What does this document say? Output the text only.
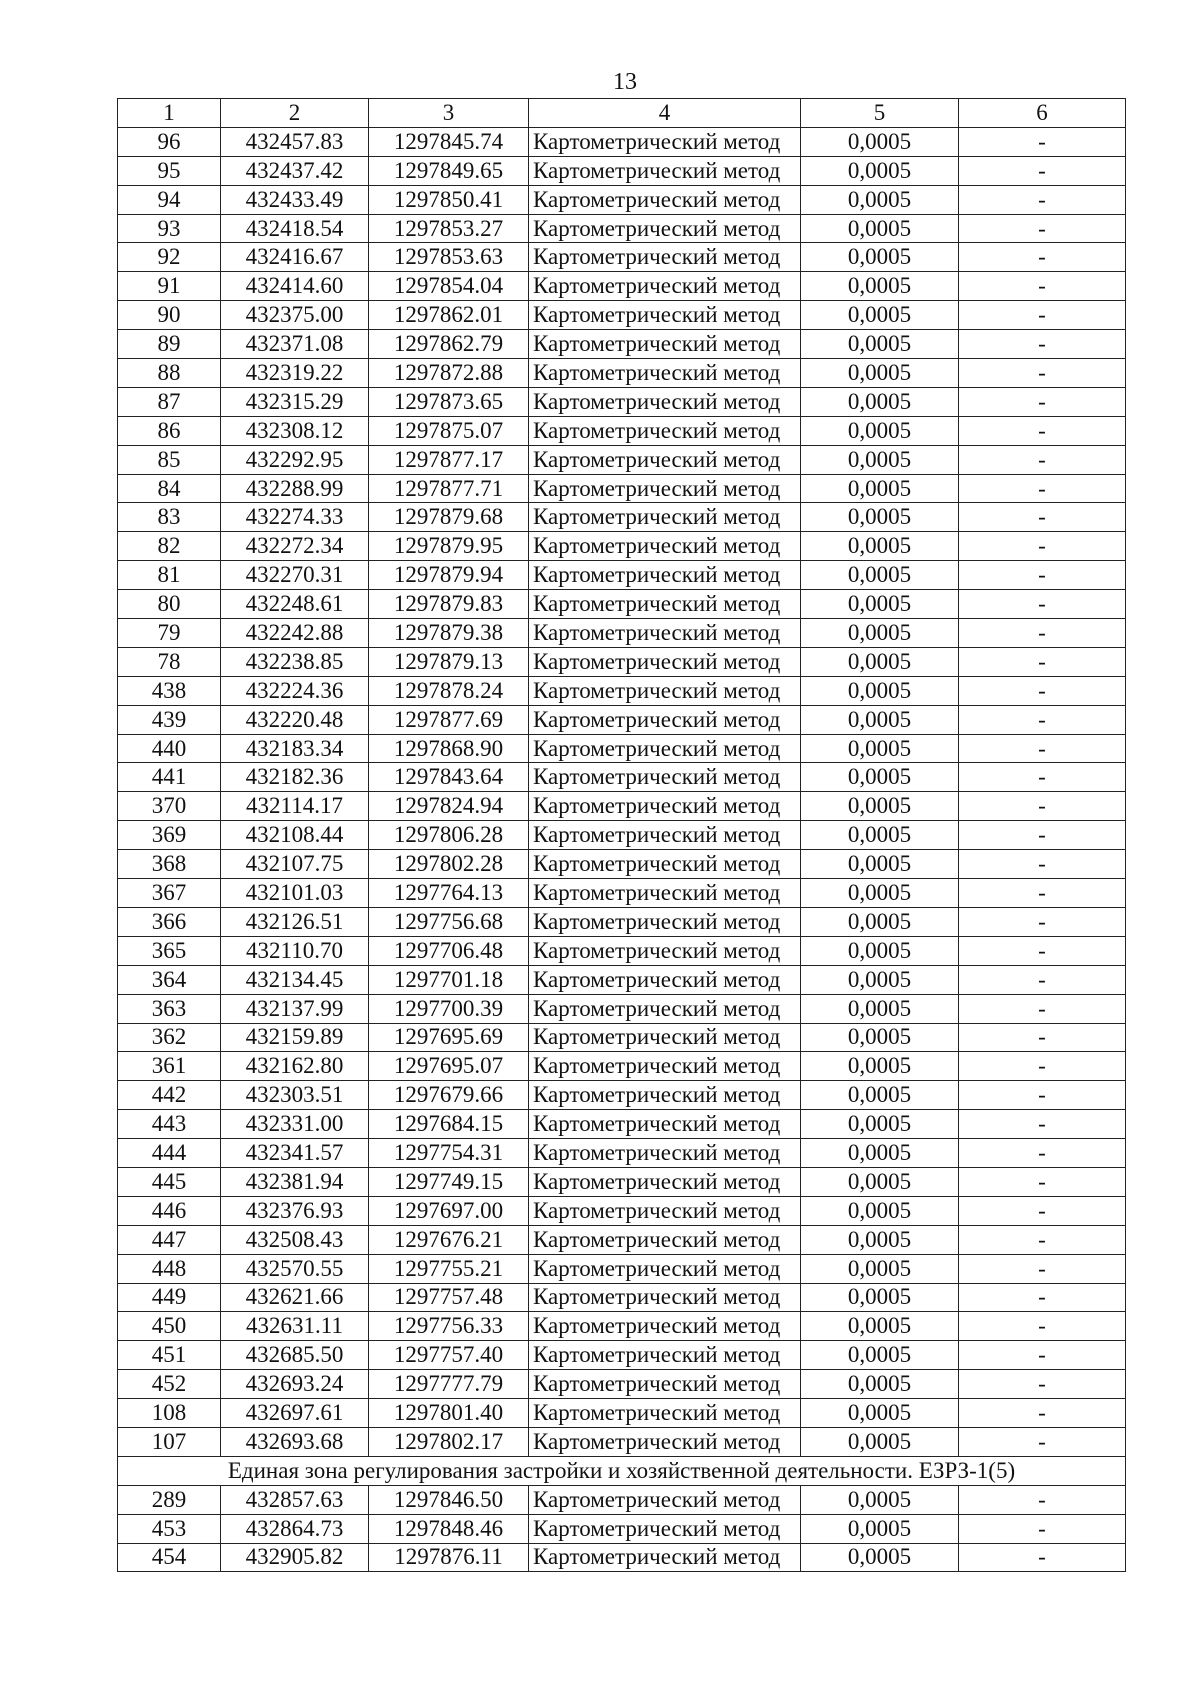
13
1	2	3	4	5	6
96	432457.83	1297845.74	Картометрический метод	0,0005	-
95	432437.42	1297849.65	Картометрический метод	0,0005	-
94	432433.49	1297850.41	Картометрический метод	0,0005	-
93	432418.54	1297853.27	Картометрический метод	0,0005	-
92	432416.67	1297853.63	Картометрический метод	0,0005	-
91	432414.60	1297854.04	Картометрический метод	0,0005	-
90	432375.00	1297862.01	Картометрический метод	0,0005	-
89	432371.08	1297862.79	Картометрический метод	0,0005	-
88	432319.22	1297872.88	Картометрический метод	0,0005	-
87	432315.29	1297873.65	Картометрический метод	0,0005	-
86	432308.12	1297875.07	Картометрический метод	0,0005	-
85	432292.95	1297877.17	Картометрический метод	0,0005	-
84	432288.99	1297877.71	Картометрический метод	0,0005	-
83	432274.33	1297879.68	Картометрический метод	0,0005	-
82	432272.34	1297879.95	Картометрический метод	0,0005	-
81	432270.31	1297879.94	Картометрический метод	0,0005	-
80	432248.61	1297879.83	Картометрический метод	0,0005	-
79	432242.88	1297879.38	Картометрический метод	0,0005	-
78	432238.85	1297879.13	Картометрический метод	0,0005	-
438	432224.36	1297878.24	Картометрический метод	0,0005	-
439	432220.48	1297877.69	Картометрический метод	0,0005	-
440	432183.34	1297868.90	Картометрический метод	0,0005	-
441	432182.36	1297843.64	Картометрический метод	0,0005	-
370	432114.17	1297824.94	Картометрический метод	0,0005	-
369	432108.44	1297806.28	Картометрический метод	0,0005	-
368	432107.75	1297802.28	Картометрический метод	0,0005	-
367	432101.03	1297764.13	Картометрический метод	0,0005	-
366	432126.51	1297756.68	Картометрический метод	0,0005	-
365	432110.70	1297706.48	Картометрический метод	0,0005	-
364	432134.45	1297701.18	Картометрический метод	0,0005	-
363	432137.99	1297700.39	Картометрический метод	0,0005	-
362	432159.89	1297695.69	Картометрический метод	0,0005	-
361	432162.80	1297695.07	Картометрический метод	0,0005	-
442	432303.51	1297679.66	Картометрический метод	0,0005	-
443	432331.00	1297684.15	Картометрический метод	0,0005	-
444	432341.57	1297754.31	Картометрический метод	0,0005	-
445	432381.94	1297749.15	Картометрический метод	0,0005	-
446	432376.93	1297697.00	Картометрический метод	0,0005	-
447	432508.43	1297676.21	Картометрический метод	0,0005	-
448	432570.55	1297755.21	Картометрический метод	0,0005	-
449	432621.66	1297757.48	Картометрический метод	0,0005	-
450	432631.11	1297756.33	Картометрический метод	0,0005	-
451	432685.50	1297757.40	Картометрический метод	0,0005	-
452	432693.24	1297777.79	Картометрический метод	0,0005	-
108	432697.61	1297801.40	Картометрический метод	0,0005	-
107	432693.68	1297802.17	Картометрический метод	0,0005	-
Единая зона регулирования застройки и хозяйственной деятельности. ЕЗРЗ-1(5)					
289	432857.63	1297846.50	Картометрический метод	0,0005	-
453	432864.73	1297848.46	Картометрический метод	0,0005	-
454	432905.82	1297876.11	Картометрический метод	0,0005	-
